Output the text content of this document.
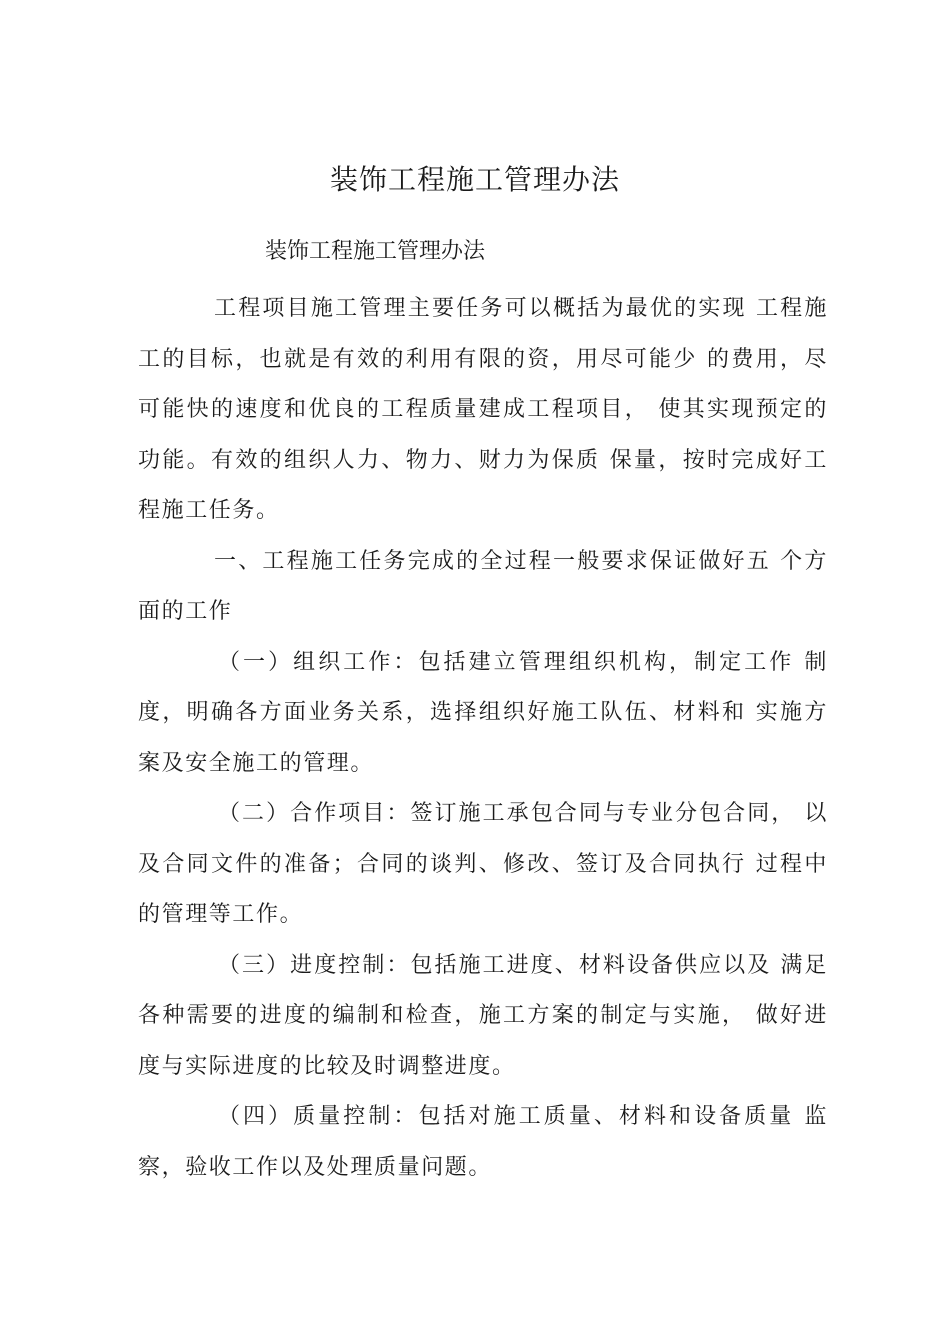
装饰工程施工管理办法
装饰工程施工管理办法

工程项目施工管理主要任务可以概括为最优的实现 工程施工的目标，也就是有效的利用有限的资，用尽可能少 的费用，尽可能快的速度和优良的工程质量建成工程项目， 使其实现预定的功能。有效的组织人力、物力、财力为保质 保量，按时完成好工程施工任务。

一、工程施工任务完成的全过程一般要求保证做好五 个方面的工作

（一）组织工作：包括建立管理组织机构，制定工作 制度，明确各方面业务关系，选择组织好施工队伍、材料和 实施方案及安全施工的管理。

（二）合作项目：签订施工承包合同与专业分包合同， 以及合同文件的准备；合同的谈判、修改、签订及合同执行 过程中的管理等工作。

（三）进度控制：包括施工进度、材料设备供应以及 满足各种需要的进度的编制和检查，施工方案的制定与实施， 做好进度与实际进度的比较及时调整进度。

（四）质量控制：包括对施工质量、材料和设备质量 监察，验收工作以及处理质量问题。
